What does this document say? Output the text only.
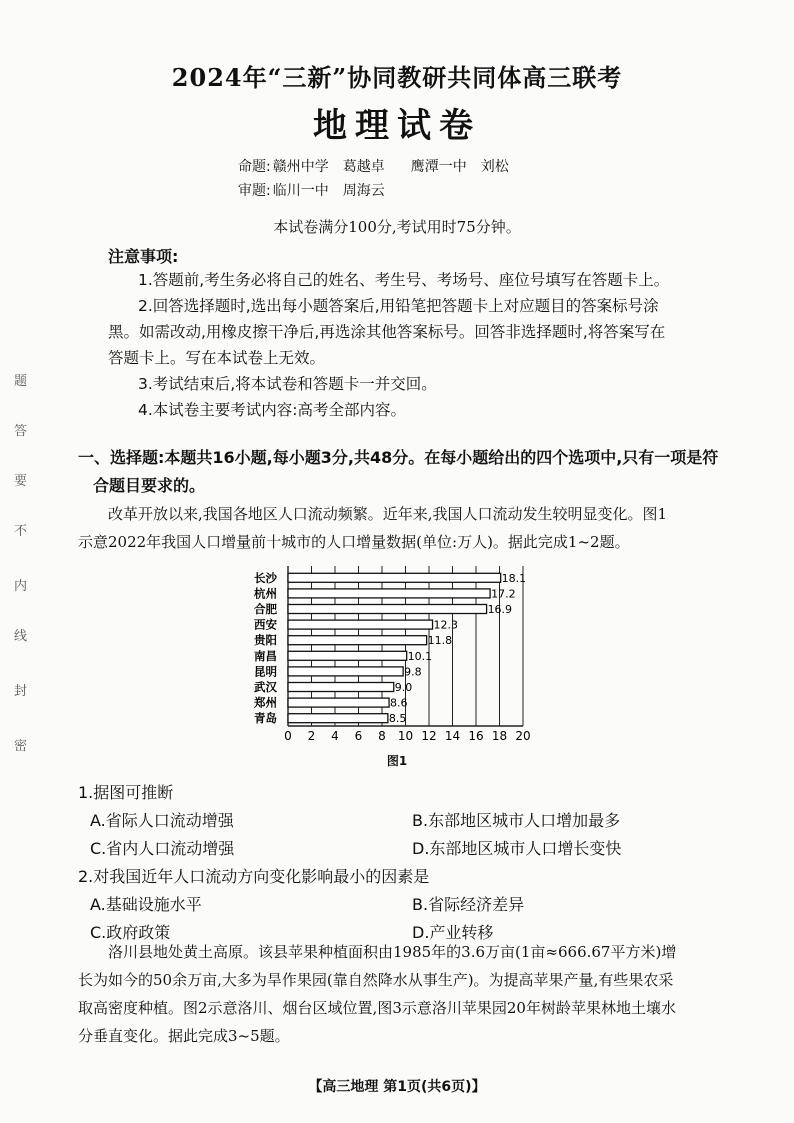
2024年“三新”协同教研共同体高三联考
地理试卷
命题: 赣州中学 葛越卓 鹰潭一中 刘松
审题: 临川一中 周海云
本试卷满分100分,考试用时75分钟。
注意事项:
1.答题前,考生务必将自己的姓名、考生号、考场号、座位号填写在答题卡上。
2.回答选择题时,选出每小题答案后,用铅笔把答题卡上对应题目的答案标号涂
黑。如需改动,用橡皮擦干净后,再选涂其他答案标号。回答非选择题时,将答案写在
答题卡上。写在本试卷上无效。
3.考试结束后,将本试卷和答题卡一并交回。
4.本试卷主要考试内容:高考全部内容。
题
答
要
不
内
线
封
密
一、选择题:本题共16小题,每小题3分,共48分。在每小题给出的四个选项中,只有一项是符
合题目要求的。
改革开放以来,我国各地区人口流动频繁。近年来,我国人口流动发生较明显变化。图1
示意2022年我国人口增量前十城市的人口增量数据(单位:万人)。据此完成1~2题。
0 2 4 6 8 10 12 14 16 18 20
长沙	18.1
杭州	17.2
合肥	16.9
西安	12.3
贵阳	11.8
南昌	10.1
昆明	9.8
武汉	9.0
郑州	8.6
青岛	8.5
图1
1.据图可推断
A.省际人口流动增强	B.东部地区城市人口增加最多
C.省内人口流动增强	D.东部地区城市人口增长变快
2.对我国近年人口流动方向变化影响最小的因素是
A.基础设施水平	B.省际经济差异
C.政府政策	D.产业转移
洛川县地处黄土高原。该县苹果种植面积由1985年的3.6万亩(1亩≈666.67平方米)增
长为如今的50余万亩,大多为旱作果园(靠自然降水从事生产)。为提高苹果产量,有些果农采
取高密度种植。图2示意洛川、烟台区域位置,图3示意洛川苹果园20年树龄苹果林地土壤水
分垂直变化。据此完成3~5题。
【高三地理 第1页(共6页)】
